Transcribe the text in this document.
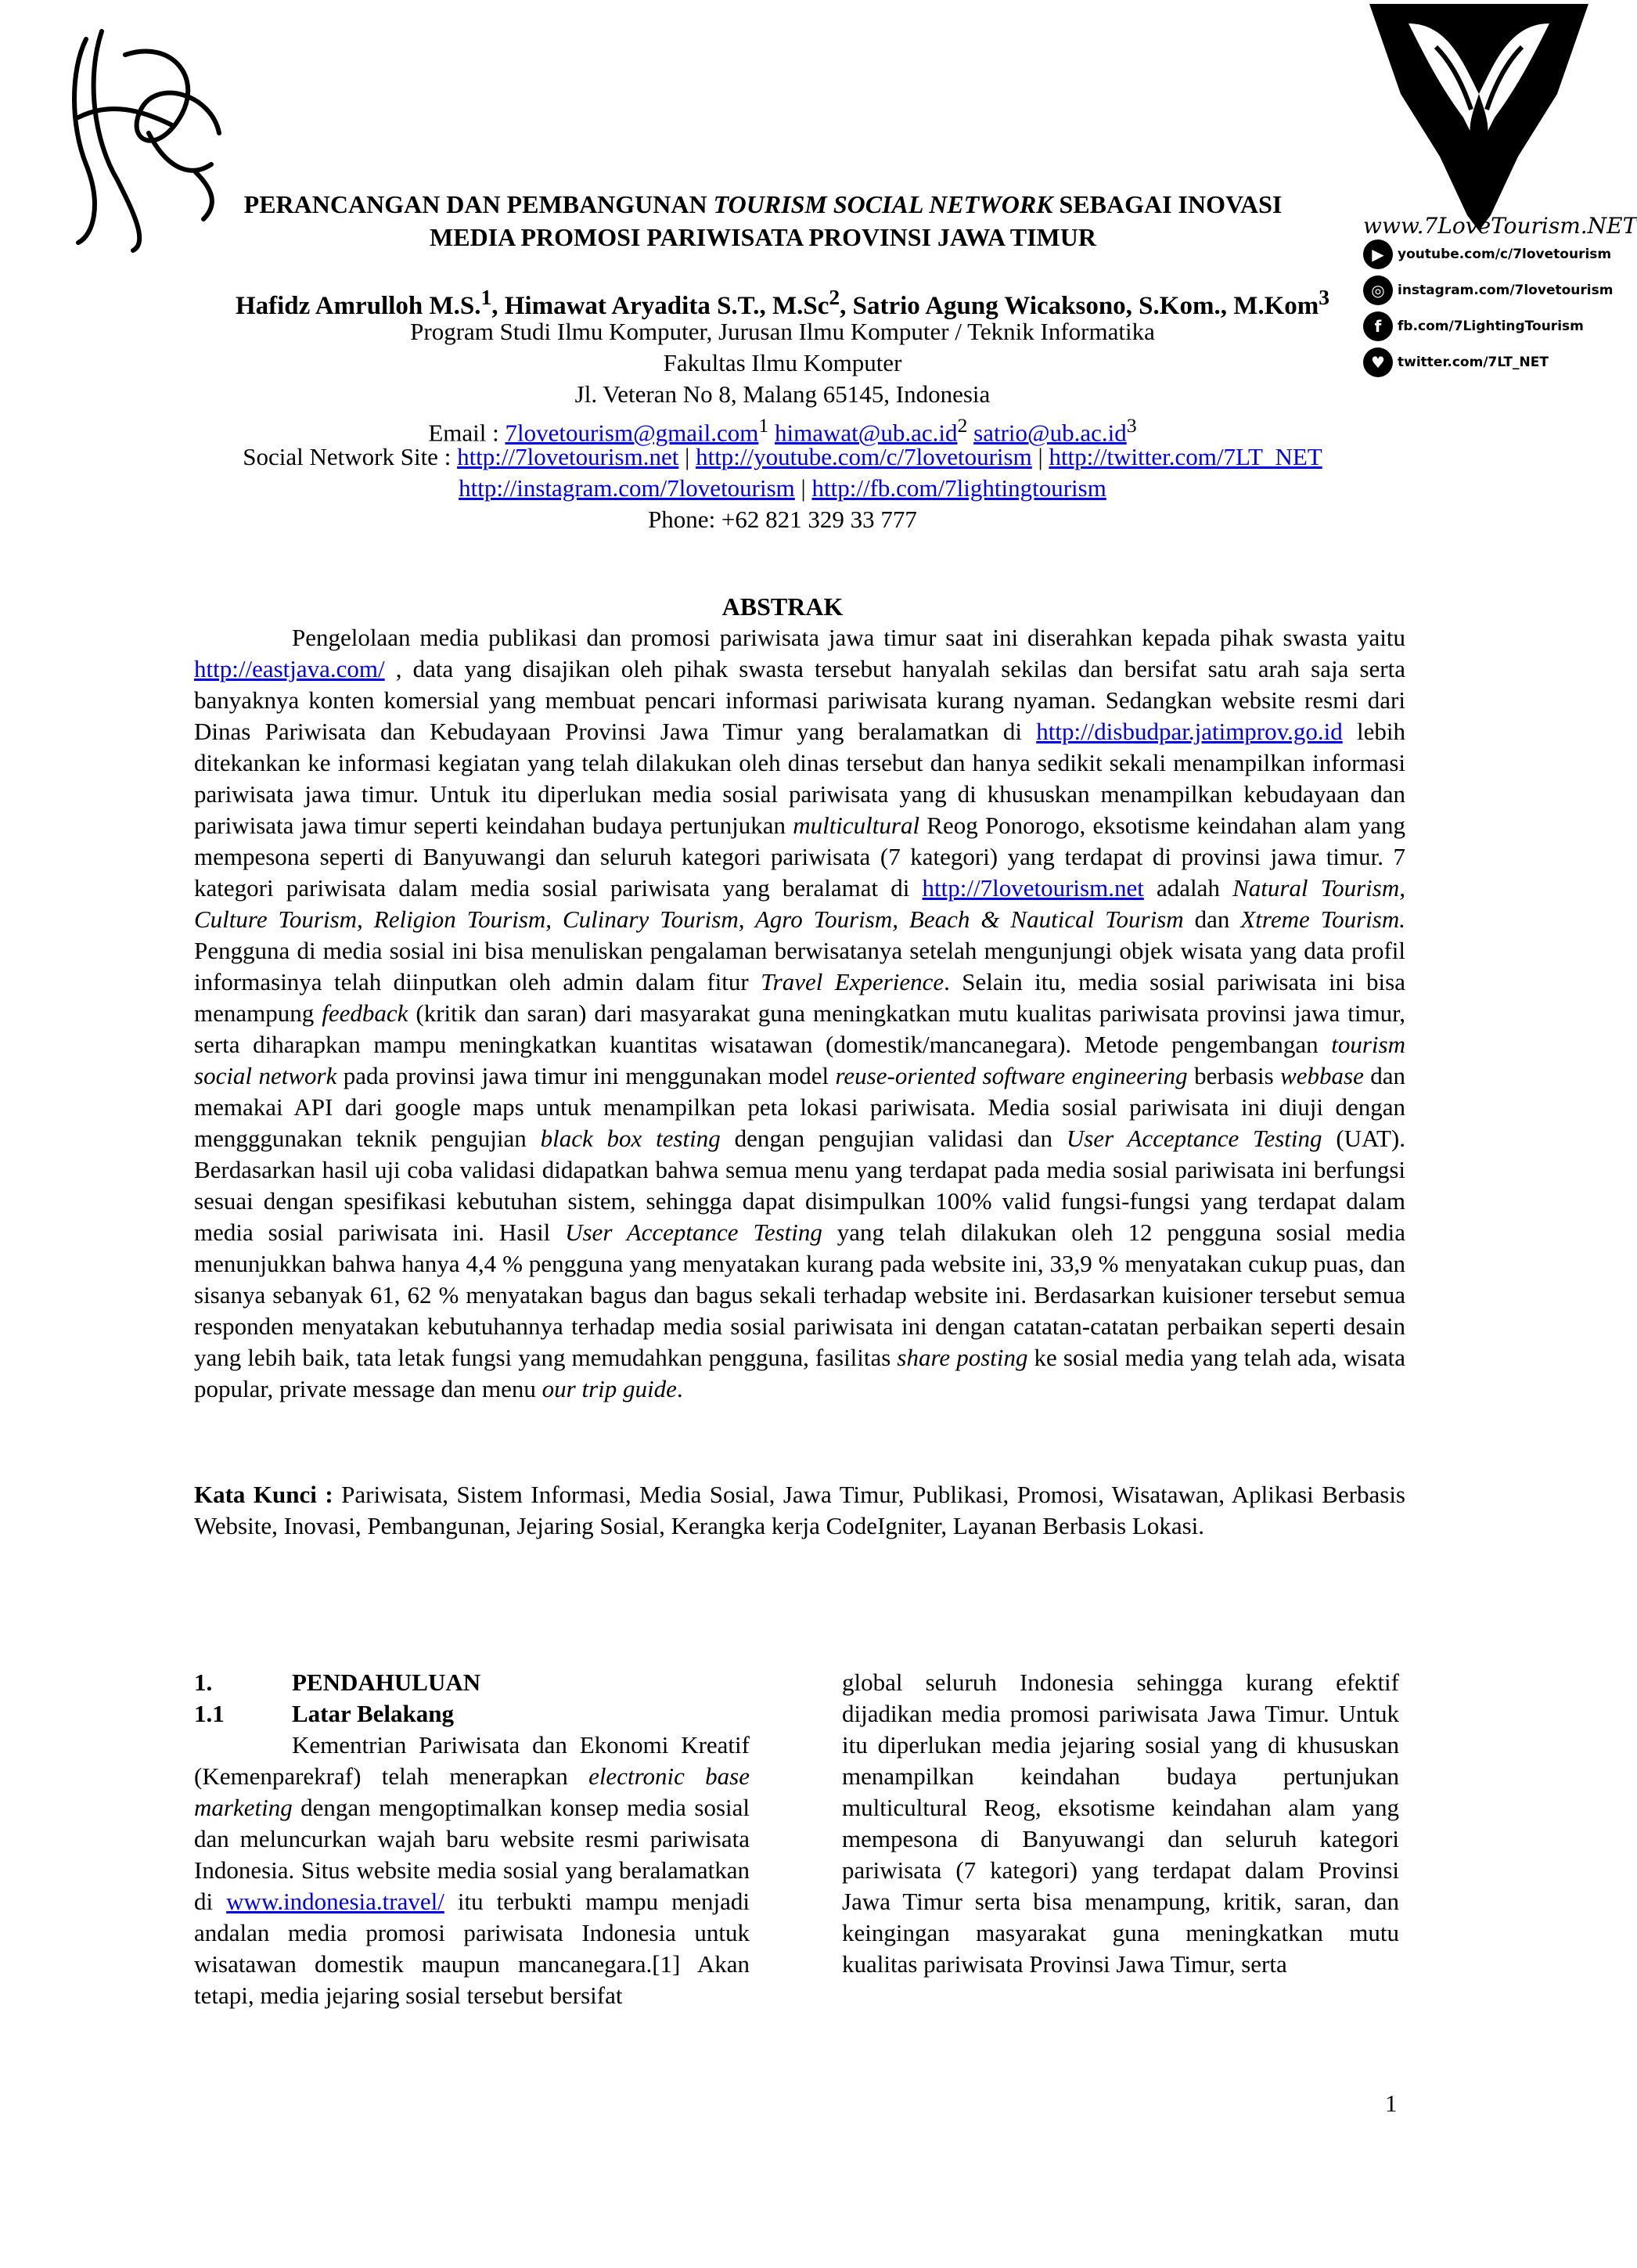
www.7LoveTourism.NET
▶	youtube.com/c/7lovetourism
◎ instagram.com/7lovetourism
f	fb.com/7LightingTourism
♥ twitter.com/7LT_NET
PERANCANGAN DAN PEMBANGUNAN TOURISM SOCIAL NETWORK SEBAGAI INOVASI
MEDIA PROMOSI PARIWISATA PROVINSI JAWA TIMUR
Hafidz Amrulloh M.S.$^1$, Himawat Aryadita S.T., M.Sc$^2$, Satrio Agung Wicaksono, S.Kom., M.Kom$^3$
Program Studi Ilmu Komputer, Jurusan Ilmu Komputer / Teknik Informatika
Fakultas Ilmu Komputer
Jl. Veteran No 8, Malang 65145, Indonesia
Email : 7lovetourism@gmail.com$^1$ $himawat@ub.ac.id^2$ $satrio@ub.ac.id^3$
Social Network Site : http://7lovetourism.net | http://youtube.com/c/7lovetourism | http://twitter.com/7LT_NET
http://instagram.com/7lovetourism | http://fb.com/7lightingtourism
Phone: +62 821 329 33 777
ABSTRAK

Pengelolaan media publikasi dan promosi pariwisata jawa timur saat ini diserahkan kepada pihak swasta yaitu http://eastjava.com/ , data yang disajikan oleh pihak swasta tersebut hanyalah sekilas dan bersifat satu arah saja serta banyaknya konten komersial yang membuat pencari informasi pariwisata kurang nyaman. Sedangkan website resmi dari Dinas Pariwisata dan Kebudayaan Provinsi Jawa Timur yang beralamatkan di http://disbudpar.jatimprov.go.id lebih ditekankan ke informasi kegiatan yang telah dilakukan oleh dinas tersebut dan hanya sedikit sekali menampilkan informasi pariwisata jawa timur. Untuk itu diperlukan media sosial pariwisata yang di khususkan menampilkan kebudayaan dan pariwisata jawa timur seperti keindahan budaya pertunjukan multicultural Reog Ponorogo, eksotisme keindahan alam yang mempesona seperti di Banyuwangi dan seluruh kategori pariwisata (7 kategori) yang terdapat di provinsi jawa timur. 7 kategori pariwisata dalam media sosial pariwisata yang beralamat di http://7lovetourism.net adalah Natural Tourism, Culture Tourism, Religion Tourism, Culinary Tourism, Agro Tourism, Beach & Nautical Tourism dan Xtreme Tourism. Pengguna di media sosial ini bisa menuliskan pengalaman berwisatanya setelah mengunjungi objek wisata yang data profil informasinya telah diinputkan oleh admin dalam fitur Travel Experience. Selain itu, media sosial pariwisata ini bisa menampung feedback (kritik dan saran) dari masyarakat guna meningkatkan mutu kualitas pariwisata provinsi jawa timur, serta diharapkan mampu meningkatkan kuantitas wisatawan (domestik/mancanegara). Metode pengembangan tourism social network pada provinsi jawa timur ini menggunakan model reuse-oriented software engineering berbasis webbase dan memakai API dari google maps untuk menampilkan peta lokasi pariwisata. Media sosial pariwisata ini diuji dengan mengggunakan teknik pengujian black box testing dengan pengujian validasi dan User Acceptance Testing (UAT). Berdasarkan hasil uji coba validasi didapatkan bahwa semua menu yang terdapat pada media sosial pariwisata ini berfungsi sesuai dengan spesifikasi kebutuhan sistem, sehingga dapat disimpulkan 100% valid fungsi-fungsi yang terdapat dalam media sosial pariwisata ini. Hasil User Acceptance Testing yang telah dilakukan oleh 12 pengguna sosial media menunjukkan bahwa hanya 4,4 % pengguna yang menyatakan kurang pada website ini, 33,9 % menyatakan cukup puas, dan sisanya sebanyak 61, 62 % menyatakan bagus dan bagus sekali terhadap website ini. Berdasarkan kuisioner tersebut semua responden menyatakan kebutuhannya terhadap media sosial pariwisata ini dengan catatan-catatan perbaikan seperti desain yang lebih baik, tata letak fungsi yang memudahkan pengguna, fasilitas share posting ke sosial media yang telah ada, wisata popular, private message dan menu our trip guide.

Kata Kunci : Pariwisata, Sistem Informasi, Media Sosial, Jawa Timur, Publikasi, Promosi, Wisatawan, Aplikasi Berbasis Website, Inovasi, Pembangunan, Jejaring Sosial, Kerangka kerja CodeIgniter, Layanan Berbasis Lokasi.
1.	PENDAHULUAN
1.1	Latar Belakang
Kementrian Pariwisata dan Ekonomi Kreatif (Kemenparekraf) telah menerapkan electronic base marketing dengan mengoptimalkan konsep media sosial dan meluncurkan wajah baru website resmi pariwisata Indonesia. Situs website media sosial yang beralamatkan di www.indonesia.travel/ itu terbukti mampu menjadi andalan media promosi pariwisata Indonesia untuk wisatawan domestik maupun mancanegara.[1] Akan tetapi, media jejaring sosial tersebut bersifat
global seluruh Indonesia sehingga kurang efektif dijadikan media promosi pariwisata Jawa Timur. Untuk itu diperlukan media jejaring sosial yang di khususkan menampilkan keindahan budaya pertunjukan multicultural Reog, eksotisme keindahan alam yang mempesona di Banyuwangi dan seluruh kategori pariwisata (7 kategori) yang terdapat dalam Provinsi Jawa Timur serta bisa menampung, kritik, saran, dan keingingan masyarakat guna meningkatkan mutu kualitas pariwisata Provinsi Jawa Timur, serta
1
